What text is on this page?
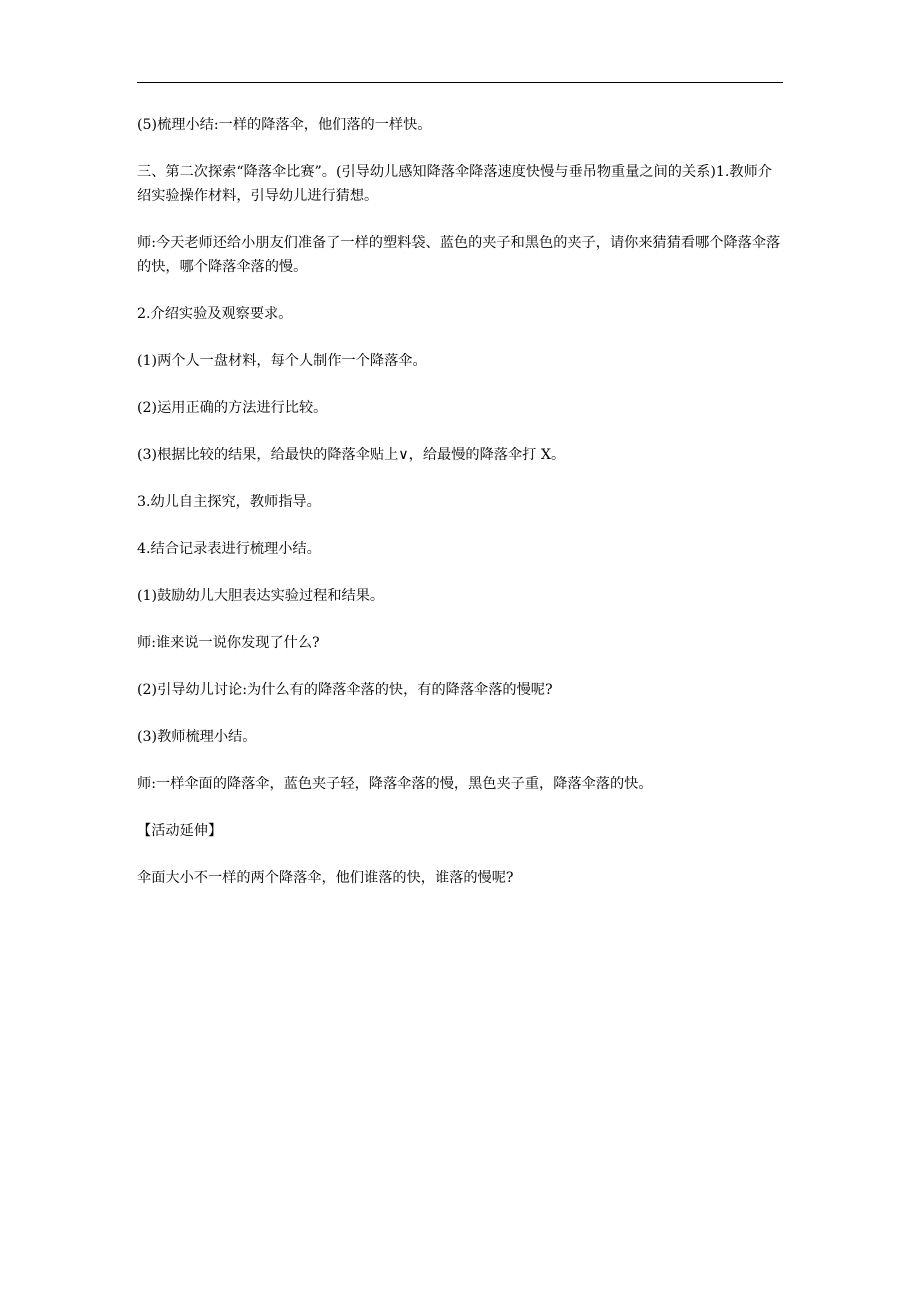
(5)梳理小结:一样的降落伞，他们落的一样快。

三、第二次探索“降落伞比赛”。(引导幼儿感知降落伞降落速度快慢与垂吊物重量之间的关系)1.教师介绍实验操作材料，引导幼儿进行猜想。

师:今天老师还给小朋友们准备了一样的塑料袋、蓝色的夹子和黑色的夹子，请你来猜猜看哪个降落伞落的快，哪个降落伞落的慢。

2.介绍实验及观察要求。

(1)两个人一盘材料，每个人制作一个降落伞。

(2)运用正确的方法进行比较。

(3)根据比较的结果，给最快的降落伞贴上∨，给最慢的降落伞打 X。

3.幼儿自主探究，教师指导。

4.结合记录表进行梳理小结。

(1)鼓励幼儿大胆表达实验过程和结果。

师:谁来说一说你发现了什么?

(2)引导幼儿讨论:为什么有的降落伞落的快，有的降落伞落的慢呢?

(3)教师梳理小结。

师:一样伞面的降落伞，蓝色夹子轻，降落伞落的慢，黑色夹子重，降落伞落的快。

【活动延伸】

伞面大小不一样的两个降落伞，他们谁落的快，谁落的慢呢?
